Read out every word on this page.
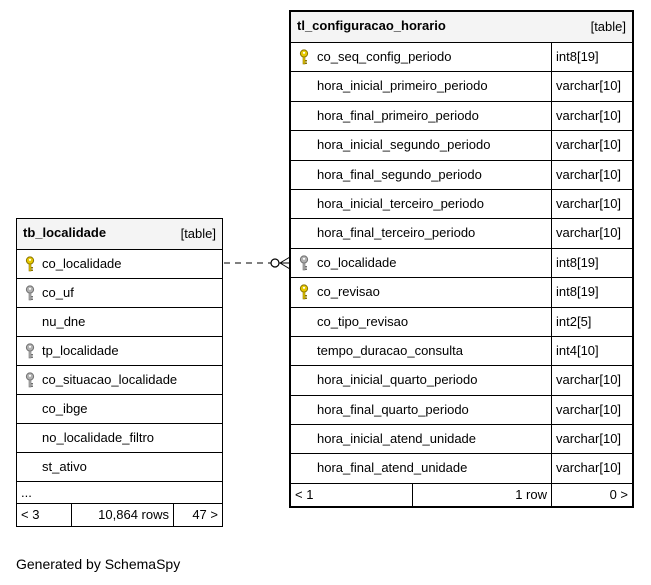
tb_localidade	[table]
co_localidade
co_uf
nu_dne
tp_localidade
co_situacao_localidade
co_ibge
no_localidade_filtro
st_ativo
...
< 3	10,864 rows 47 >
tl_configuracao_horario	[table]
co_seq_config_periodo	int8[19]
hora_inicial_primeiro_periodo	varchar[10]
hora_final_primeiro_periodo	varchar[10]
hora_inicial_segundo_periodo	varchar[10]
hora_final_segundo_periodo	varchar[10]
hora_inicial_terceiro_periodo	varchar[10]
hora_final_terceiro_periodo	varchar[10]
co_localidade	int8[19]
co_revisao	int8[19]
co_tipo_revisao	int2[5]
tempo_duracao_consulta	int4[10]
hora_inicial_quarto_periodo	varchar[10]
hora_final_quarto_periodo	varchar[10]
hora_inicial_atend_unidade	varchar[10]
hora_final_atend_unidade	varchar[10]
< 1	1 row	0 >
Generated by SchemaSpy
